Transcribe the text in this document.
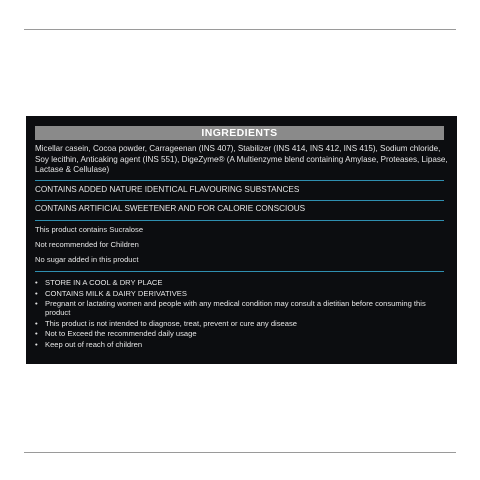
INGREDIENTS
Micellar casein, Cocoa powder, Carrageenan (INS 407), Stabilizer (INS 414, INS 412, INS 415), Sodium chloride, Soy lecithin, Anticaking agent (INS 551), DigeZyme® (A Multienzyme blend containing Amylase, Proteases, Lipase, Lactase & Cellulase)
CONTAINS ADDED NATURE IDENTICAL FLAVOURING SUBSTANCES
CONTAINS ARTIFICIAL SWEETENER AND FOR CALORIE CONSCIOUS
This product contains Sucralose
Not recommended for Children
No sugar added in this product
• STORE IN A COOL & DRY PLACE
• CONTAINS MILK & DAIRY DERIVATIVES
• Pregnant or lactating women and people with any medical condition may consult a dietitian before consuming this product
• This product is not intended to diagnose, treat, prevent or cure any disease
• Not to Exceed the recommended daily usage
• Keep out of reach of children
